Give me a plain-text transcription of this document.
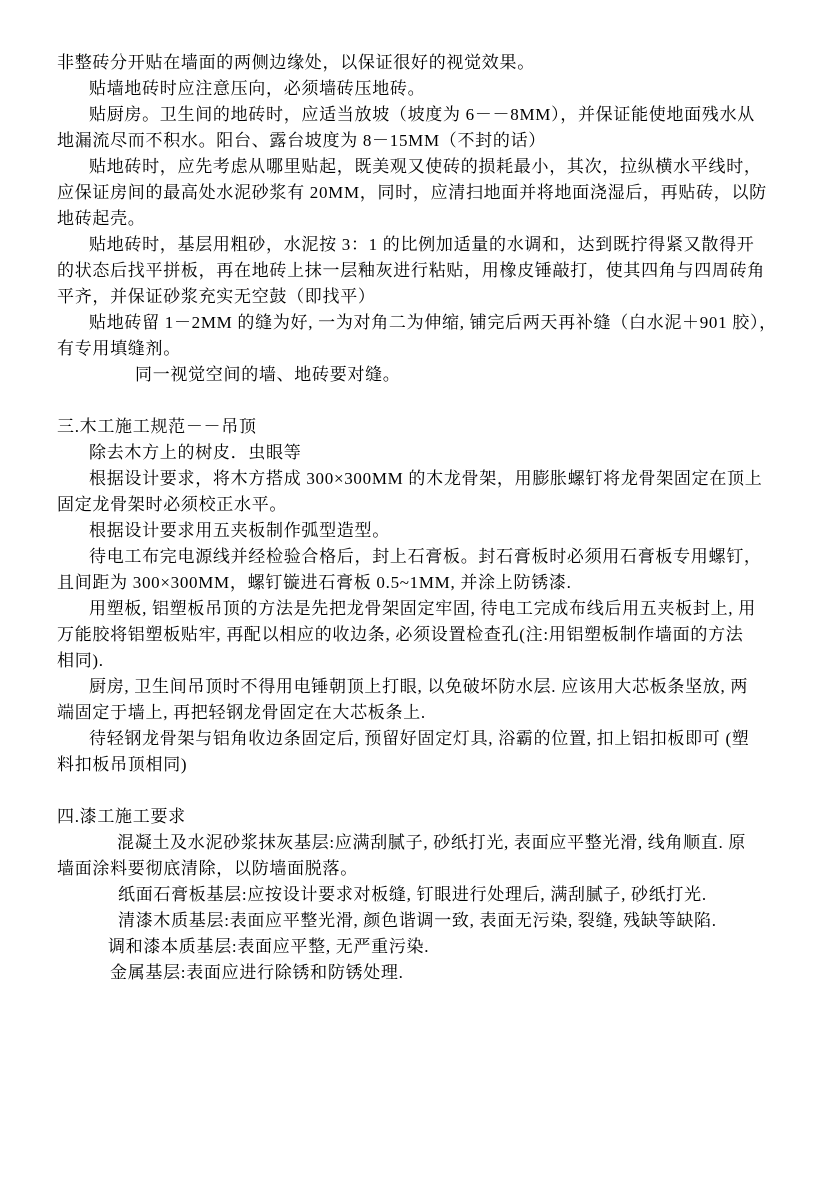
非整砖分开贴在墙面的两侧边缘处，以保证很好的视觉效果。
贴墙地砖时应注意压向，必须墙砖压地砖。
贴厨房。卫生间的地砖时，应适当放坡（坡度为 6－－8MM），并保证能使地面残水从
地漏流尽而不积水。阳台、露台坡度为 8－15MM（不封的话）
贴地砖时，应先考虑从哪里贴起，既美观又使砖的损耗最小，其次，拉纵横水平线时，
应保证房间的最高处水泥砂浆有 20MM，同时，应清扫地面并将地面浇湿后，再贴砖，以防
地砖起壳。
贴地砖时，基层用粗砂，水泥按 3：1 的比例加适量的水调和，达到既拧得紧又散得开
的状态后找平拼板，再在地砖上抹一层釉灰进行粘贴，用橡皮锤敲打，使其四角与四周砖角
平齐，并保证砂浆充实无空鼓（即找平）
贴地砖留 1－2MM 的缝为好, 一为对角二为伸缩, 铺完后两天再补缝（白水泥＋901 胶），
有专用填缝剂。
同一视觉空间的墙、地砖要对缝。

三.木工施工规范－－吊顶
除去木方上的树皮．虫眼等
根据设计要求，将木方搭成 300×300MM 的木龙骨架，用膨胀螺钉将龙骨架固定在顶上
固定龙骨架时必须校正水平。
根据设计要求用五夹板制作弧型造型。
待电工布完电源线并经检验合格后，封上石膏板。封石膏板时必须用石膏板专用螺钉，
且间距为 300×300MM，螺钉镟进石膏板 0.5~1MM, 并涂上防锈漆.
用塑板, 铝塑板吊顶的方法是先把龙骨架固定牢固, 待电工完成布线后用五夹板封上, 用
万能胶将铝塑板贴牢, 再配以相应的收边条, 必须设置检查孔(注:用铝塑板制作墙面的方法
相同).
厨房, 卫生间吊顶时不得用电锤朝顶上打眼, 以免破坏防水层. 应该用大芯板条坚放, 两
端固定于墙上, 再把轻钢龙骨固定在大芯板条上.
待轻钢龙骨架与铝角收边条固定后, 预留好固定灯具, 浴霸的位置, 扣上铝扣板即可 (塑
料扣板吊顶相同)

四.漆工施工要求
混凝土及水泥砂浆抹灰基层:应满刮腻子, 砂纸打光, 表面应平整光滑, 线角顺直. 原
墙面涂料要彻底清除，以防墙面脱落。
纸面石膏板基层:应按设计要求对板缝, 钉眼进行处理后, 满刮腻子, 砂纸打光.
清漆木质基层:表面应平整光滑, 颜色谐调一致, 表面无污染, 裂缝, 残缺等缺陷.
调和漆本质基层:表面应平整, 无严重污染.
金属基层:表面应进行除锈和防锈处理.
